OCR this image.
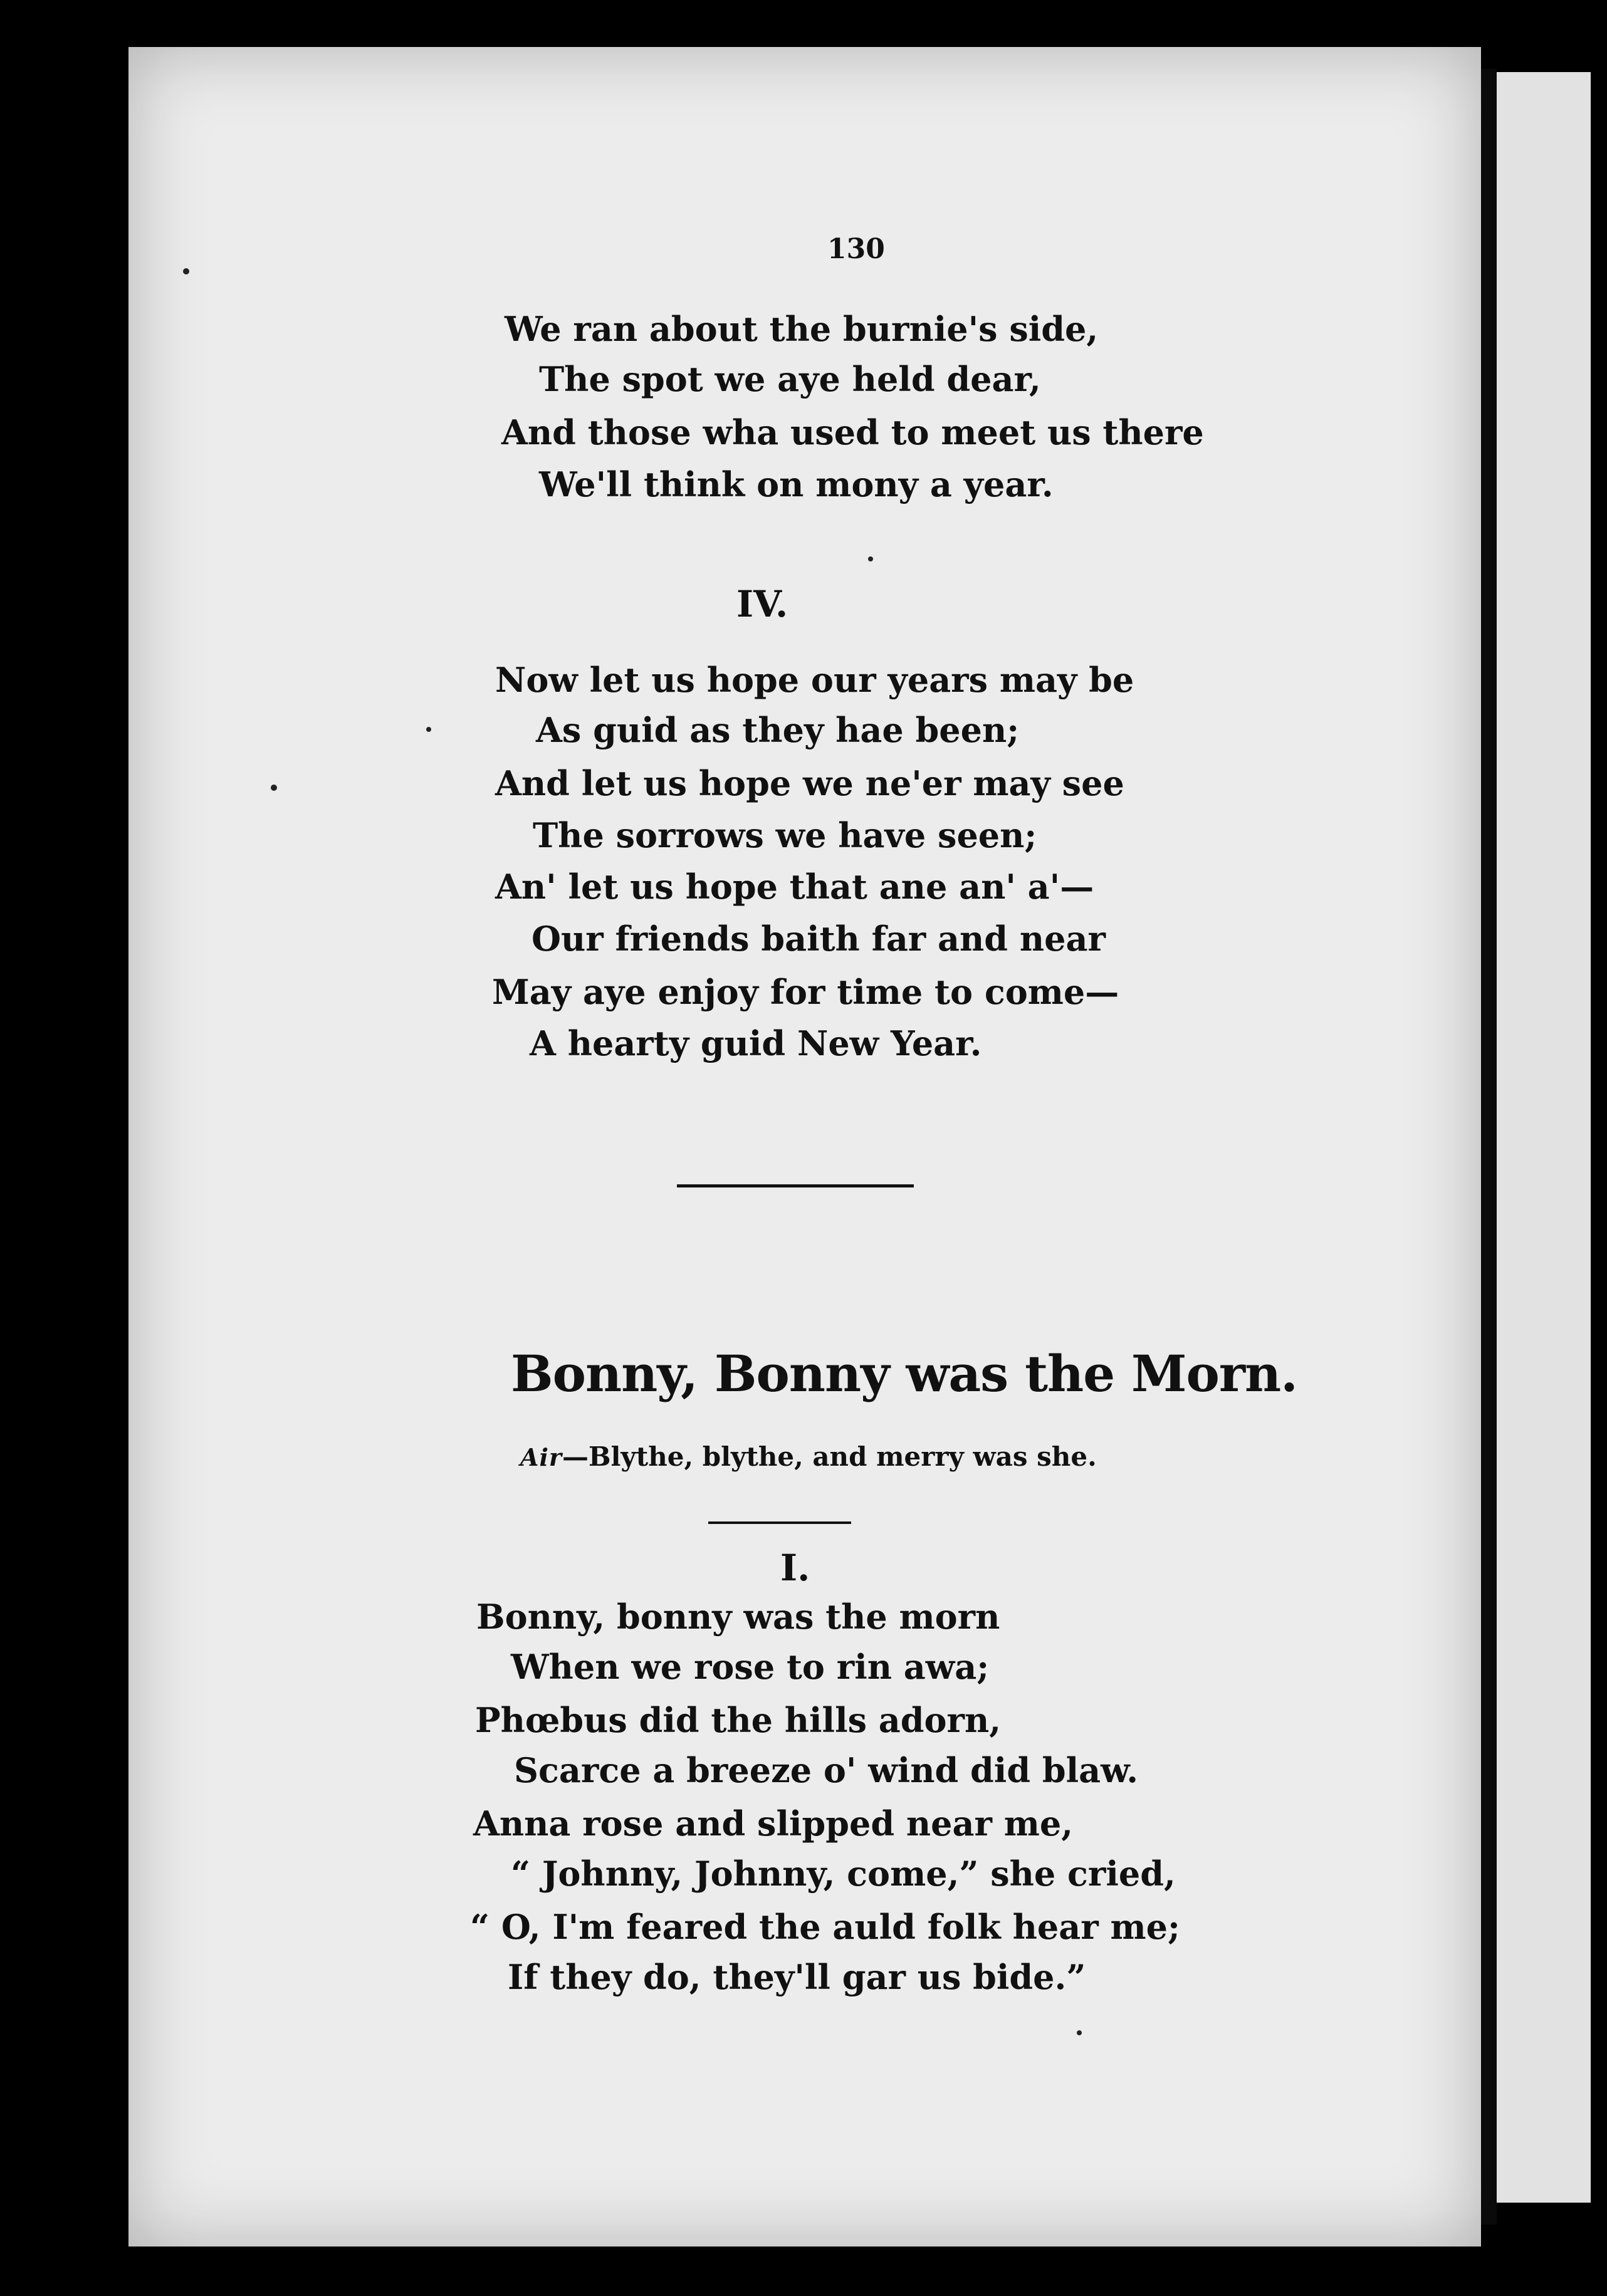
130
We ran about the burnie's side,
The spot we aye held dear,
And those wha used to meet us there
We'll think on mony a year.
IV.
Now let us hope our years may be
As guid as they hae been;
And let us hope we ne'er may see
The sorrows we have seen;
An' let us hope that ane an' a'—
Our friends baith far and near
May aye enjoy for time to come—
A hearty guid New Year.
Bonny, Bonny was the Morn.
Air—Blythe, blythe, and merry was she.
I.
Bonny, bonny was the morn
When we rose to rin awa;
Phœbus did the hills adorn,
Scarce a breeze o' wind did blaw.
Anna rose and slipped near me,
“ Johnny, Johnny, come,” she cried,
“ O, I'm feared the auld folk hear me;
If they do, they'll gar us bide.”
